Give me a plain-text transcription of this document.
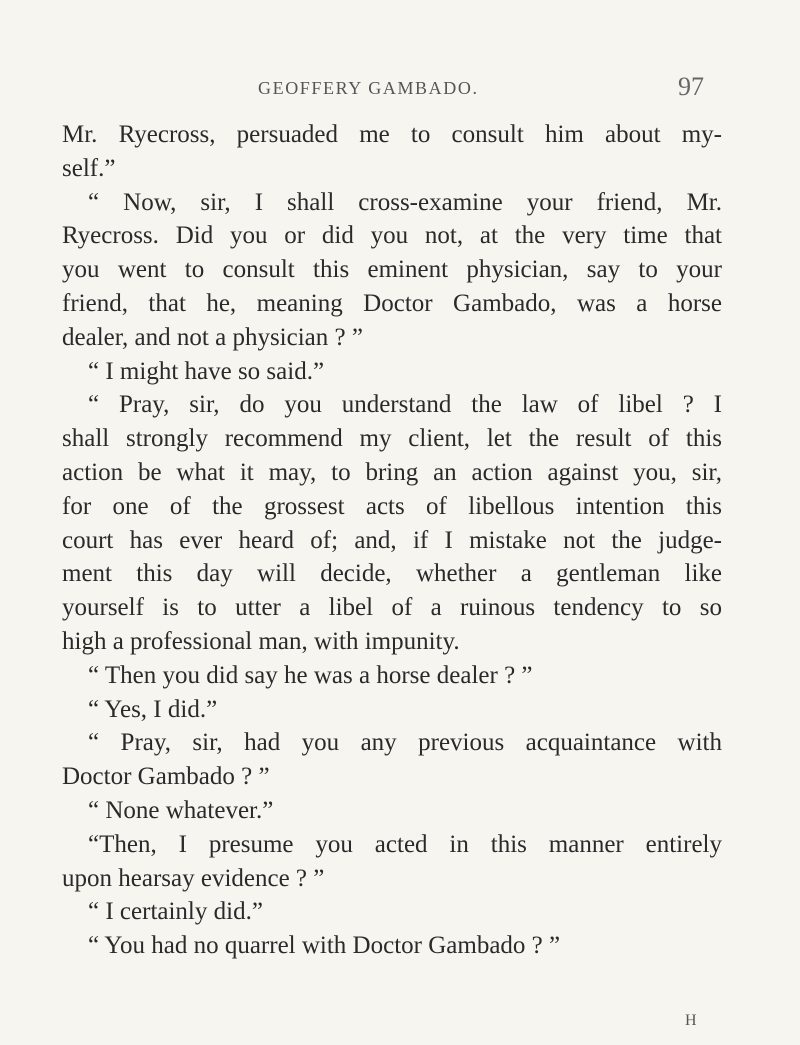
GEOFFERY GAMBADO.	97
Mr. Ryecross, persuaded me to consult him about my-
self.”
“ Now, sir, I shall cross-examine your friend, Mr.
Ryecross. Did you or did you not, at the very time that
you went to consult this eminent physician, say to your
friend, that he, meaning Doctor Gambado, was a horse
dealer, and not a physician ? ”
“ I might have so said.”
“ Pray, sir, do you understand the law of libel ? I
shall strongly recommend my client, let the result of this
action be what it may, to bring an action against you, sir,
for one of the grossest acts of libellous intention this
court has ever heard of; and, if I mistake not the judge-
ment this day will decide, whether a gentleman like
yourself is to utter a libel of a ruinous tendency to so
high a professional man, with impunity.
“ Then you did say he was a horse dealer ? ”
“ Yes, I did.”
“ Pray, sir, had you any previous acquaintance with
Doctor Gambado ? ”
“ None whatever.”
“Then, I presume you acted in this manner entirely
upon hearsay evidence ? ”
“ I certainly did.”
“ You had no quarrel with Doctor Gambado ? ”
H
